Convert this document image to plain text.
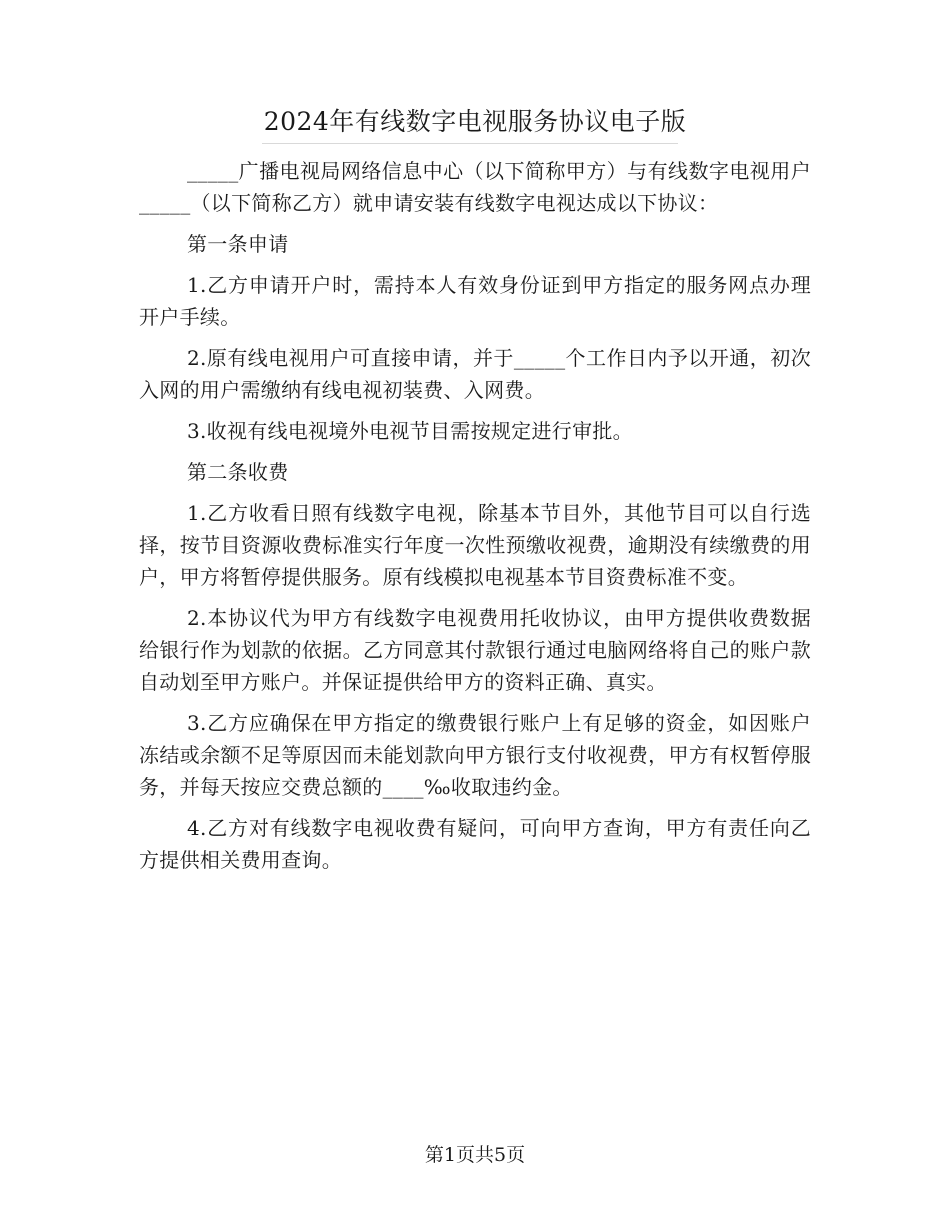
2024年有线数字电视服务协议电子版

_____广播电视局网络信息中心（以下简称甲方）与有线数字电视用户_____（以下简称乙方）就申请安装有线数字电视达成以下协议：

第一条申请

1.乙方申请开户时，需持本人有效身份证到甲方指定的服务网点办理开户手续。

2.原有线电视用户可直接申请，并于_____个工作日内予以开通，初次入网的用户需缴纳有线电视初装费、入网费。

3.收视有线电视境外电视节目需按规定进行审批。

第二条收费

1.乙方收看日照有线数字电视，除基本节目外，其他节目可以自行选择，按节目资源收费标准实行年度一次性预缴收视费，逾期没有续缴费的用户，甲方将暂停提供服务。原有线模拟电视基本节目资费标准不变。

2.本协议代为甲方有线数字电视费用托收协议，由甲方提供收费数据给银行作为划款的依据。乙方同意其付款银行通过电脑网络将自己的账户款自动划至甲方账户。并保证提供给甲方的资料正确、真实。

3.乙方应确保在甲方指定的缴费银行账户上有足够的资金，如因账户冻结或余额不足等原因而未能划款向甲方银行支付收视费，甲方有权暂停服务，并每天按应交费总额的____‰收取违约金。

4.乙方对有线数字电视收费有疑问，可向甲方查询，甲方有责任向乙方提供相关费用查询。

第1页共5页
